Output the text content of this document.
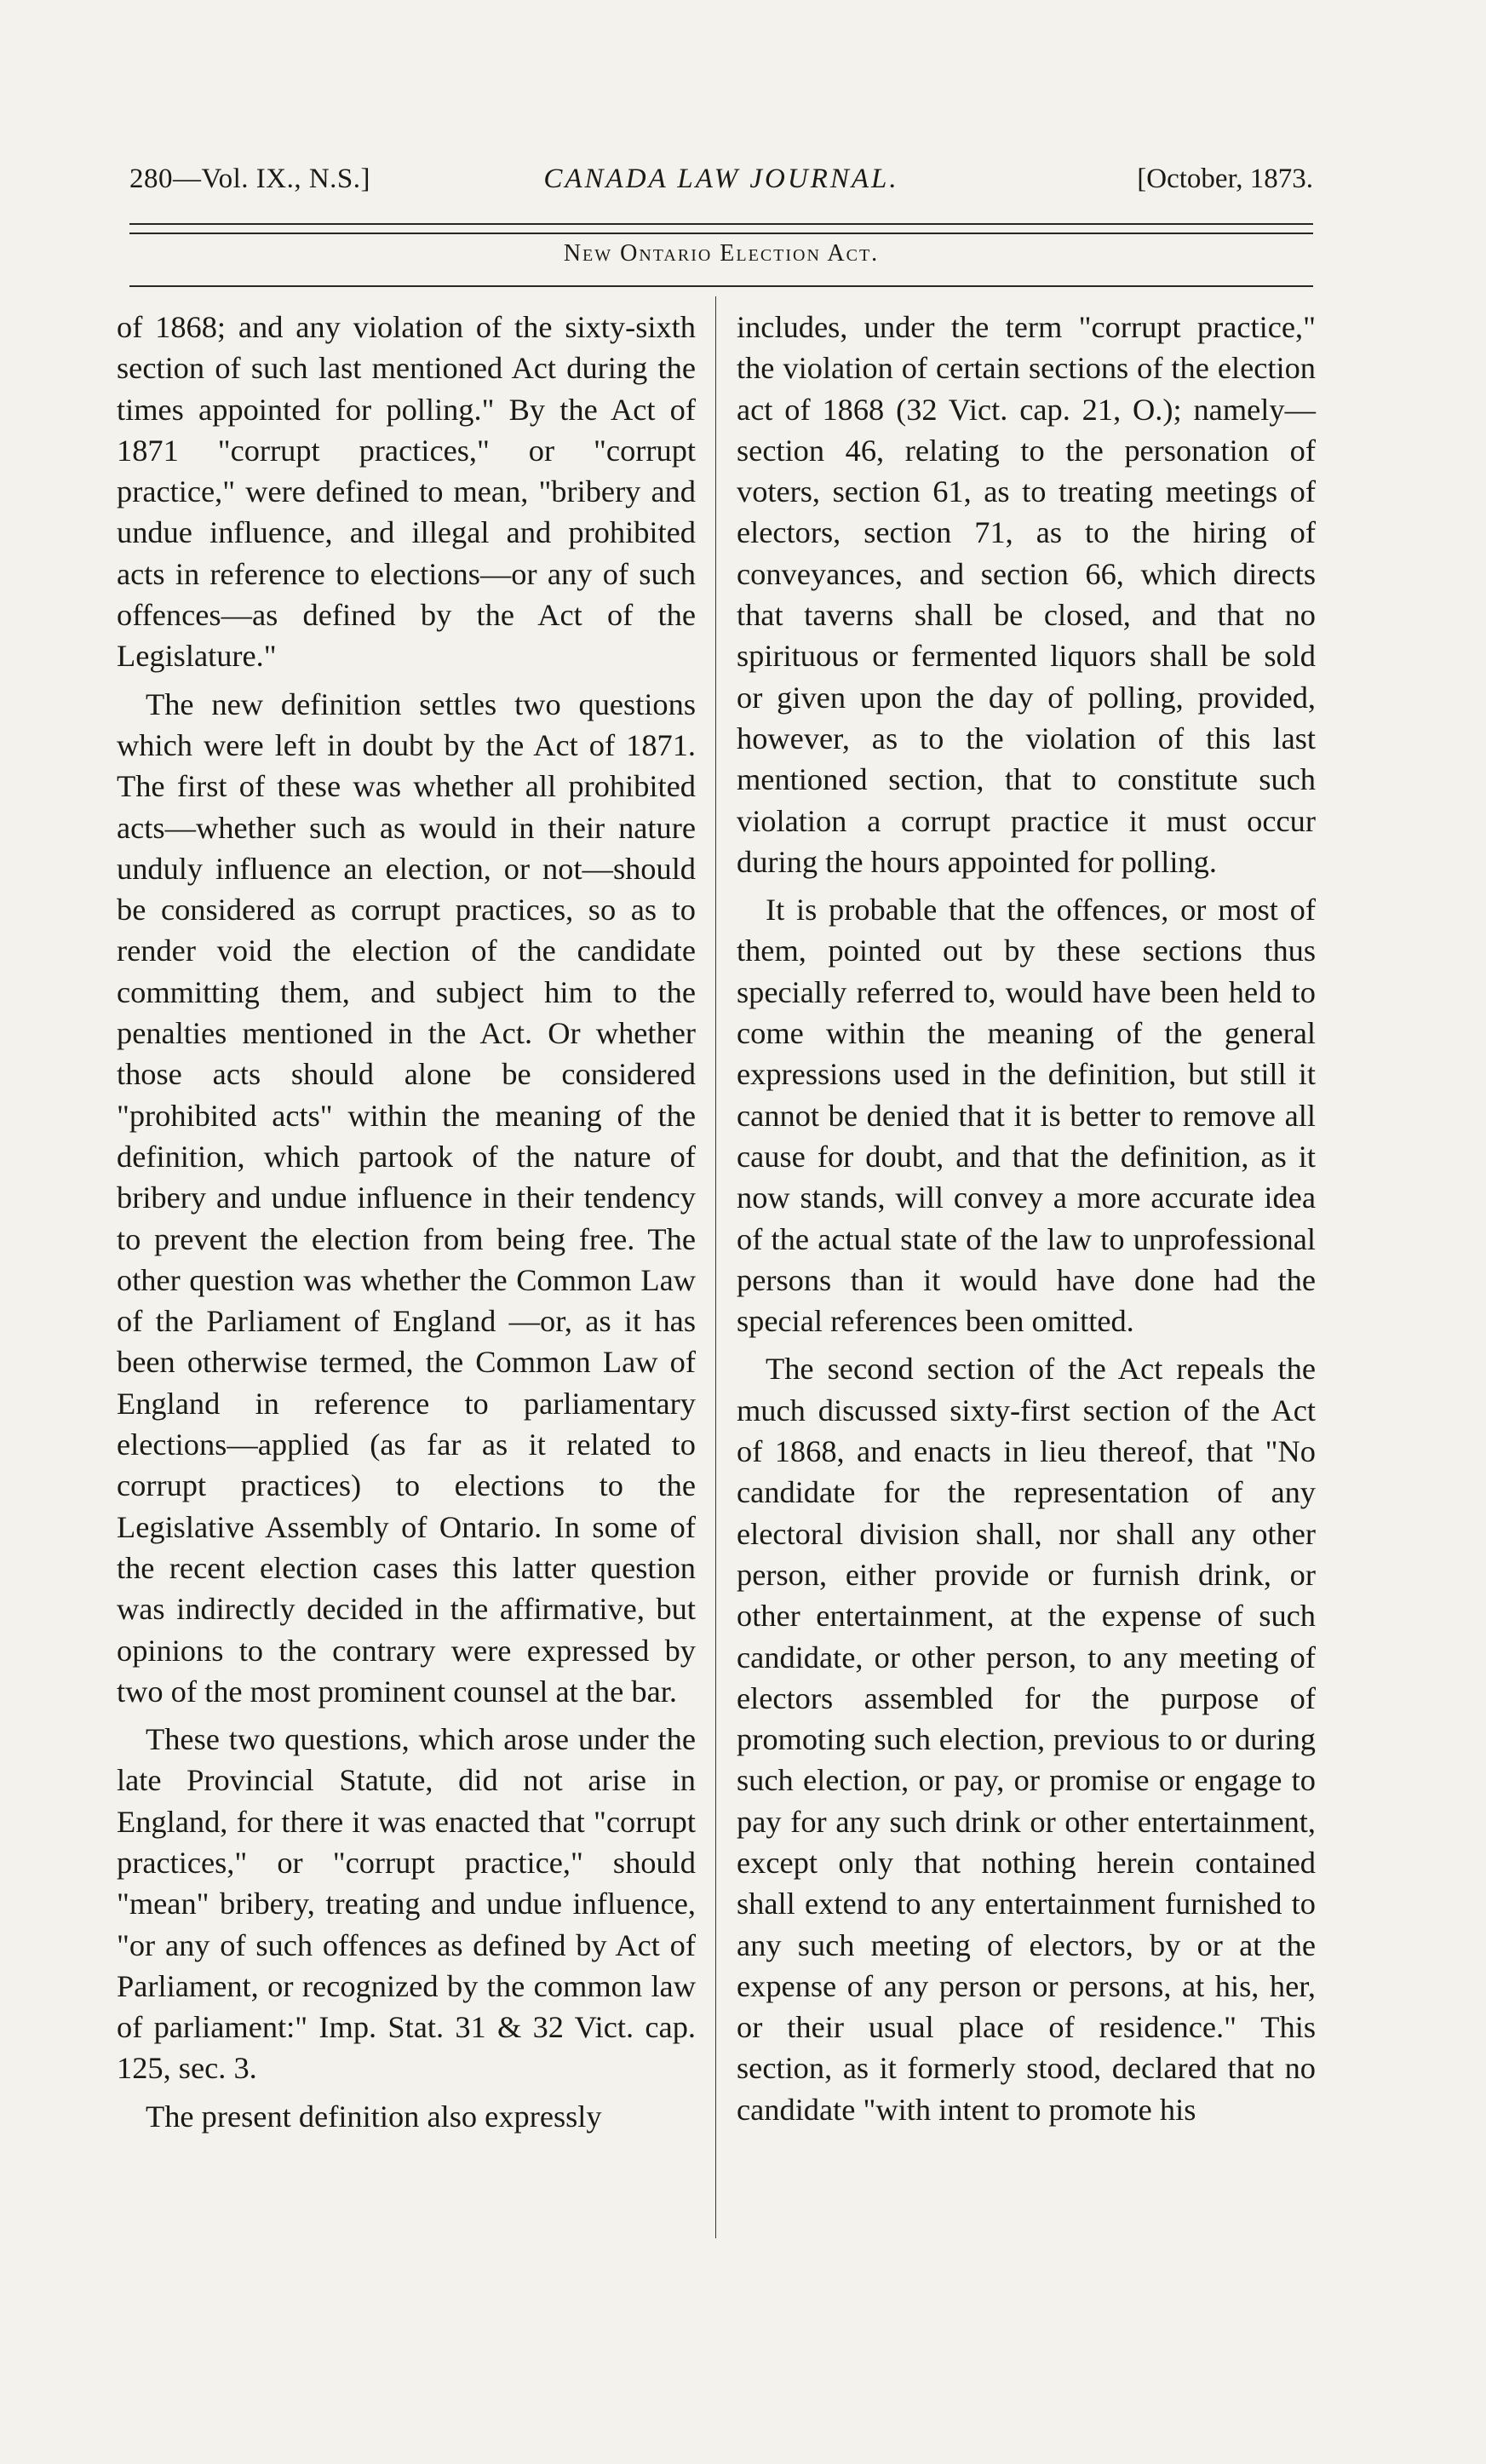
280—Vol. IX., N.S.]	CANADA LAW JOURNAL.	[October, 1873.
New Ontario Election Act.

of 1868; and any violation of the sixty-sixth section of such last mentioned Act during the times appointed for polling." By the Act of 1871 "corrupt practices," or "corrupt practice," were defined to mean, "bribery and undue influence, and illegal and prohibited acts in reference to elections—or any of such offences—as defined by the Act of the Legislature."

The new definition settles two questions which were left in doubt by the Act of 1871. The first of these was whether all prohibited acts—whether such as would in their nature unduly influence an election, or not—should be considered as corrupt practices, so as to render void the election of the candidate committing them, and subject him to the penalties mentioned in the Act. Or whether those acts should alone be considered "prohibited acts" within the meaning of the definition, which partook of the nature of bribery and undue influence in their tendency to prevent the election from being free. The other question was whether the Common Law of the Parliament of England —or, as it has been otherwise termed, the Common Law of England in reference to parliamentary elections—applied (as far as it related to corrupt practices) to elections to the Legislative Assembly of Ontario. In some of the recent election cases this latter question was indirectly decided in the affirmative, but opinions to the contrary were expressed by two of the most prominent counsel at the bar.

These two questions, which arose under the late Provincial Statute, did not arise in England, for there it was enacted that "corrupt practices," or "corrupt practice," should "mean" bribery, treating and undue influence, "or any of such offences as defined by Act of Parliament, or recognized by the common law of parliament:" Imp. Stat. 31 & 32 Vict. cap. 125, sec. 3.

The present definition also expressly

includes, under the term "corrupt practice," the violation of certain sections of the election act of 1868 (32 Vict. cap. 21, O.); namely—section 46, relating to the personation of voters, section 61, as to treating meetings of electors, section 71, as to the hiring of conveyances, and section 66, which directs that taverns shall be closed, and that no spirituous or fermented liquors shall be sold or given upon the day of polling, provided, however, as to the violation of this last mentioned section, that to constitute such violation a corrupt practice it must occur during the hours appointed for polling.

It is probable that the offences, or most of them, pointed out by these sections thus specially referred to, would have been held to come within the meaning of the general expressions used in the definition, but still it cannot be denied that it is better to remove all cause for doubt, and that the definition, as it now stands, will convey a more accurate idea of the actual state of the law to unprofessional persons than it would have done had the special references been omitted.

The second section of the Act repeals the much discussed sixty-first section of the Act of 1868, and enacts in lieu thereof, that "No candidate for the representation of any electoral division shall, nor shall any other person, either provide or furnish drink, or other entertainment, at the expense of such candidate, or other person, to any meeting of electors assembled for the purpose of promoting such election, previous to or during such election, or pay, or promise or engage to pay for any such drink or other entertainment, except only that nothing herein contained shall extend to any entertainment furnished to any such meeting of electors, by or at the expense of any person or persons, at his, her, or their usual place of residence." This section, as it formerly stood, declared that no candidate "with intent to promote his
